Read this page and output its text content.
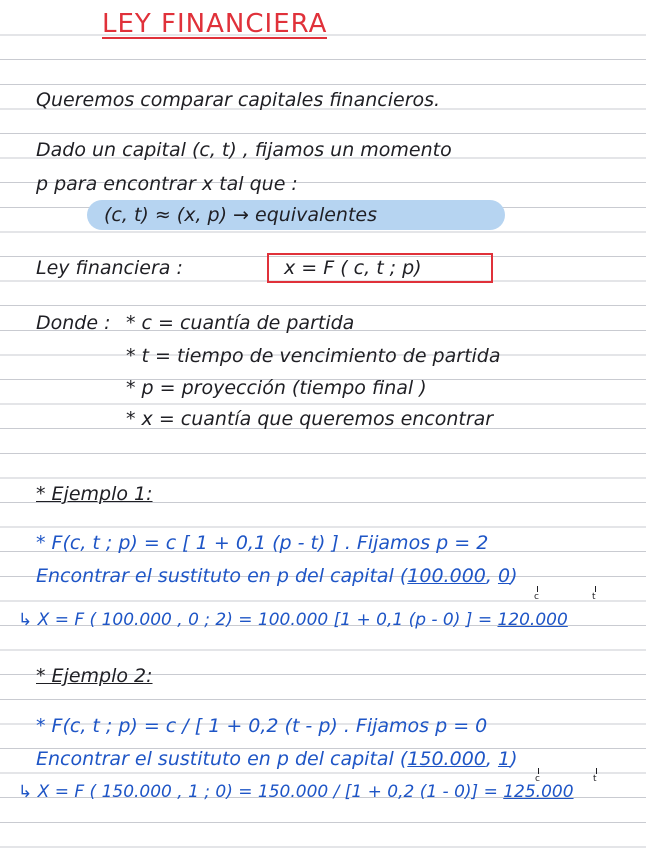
LEY FINANCIERA
Queremos comparar capitales financieros.
Dado un capital (c, t) , fijamos un momento
p para encontrar x tal que :
(c, t) ≈ (x, p) → equivalentes
Ley financiera :	x = F ( c, t ; p)
Donde : * c = cuantía de partida
* t = tiempo de vencimiento de partida
* p = proyección (tiempo final )
* x = cuantía que queremos encontrar
* Ejemplo 1:
* F(c, t ; p) = c [ 1 + 0,1 (p - t) ] . Fijamos p = 2
Encontrar el sustituto en p del capital (100.000, 0)
c	t
↳ X = F ( 100.000 , 0 ; 2) = 100.000 [1 + 0,1 (p - 0) ] = 120.000
* Ejemplo 2:
* F(c, t ; p) = c / [ 1 + 0,2 (t - p) . Fijamos p = 0
Encontrar el sustituto en p del capital (150.000, 1)
c	t
↳ X = F ( 150.000 , 1 ; 0) = 150.000 / [1 + 0,2 (1 - 0)] = 125.000
